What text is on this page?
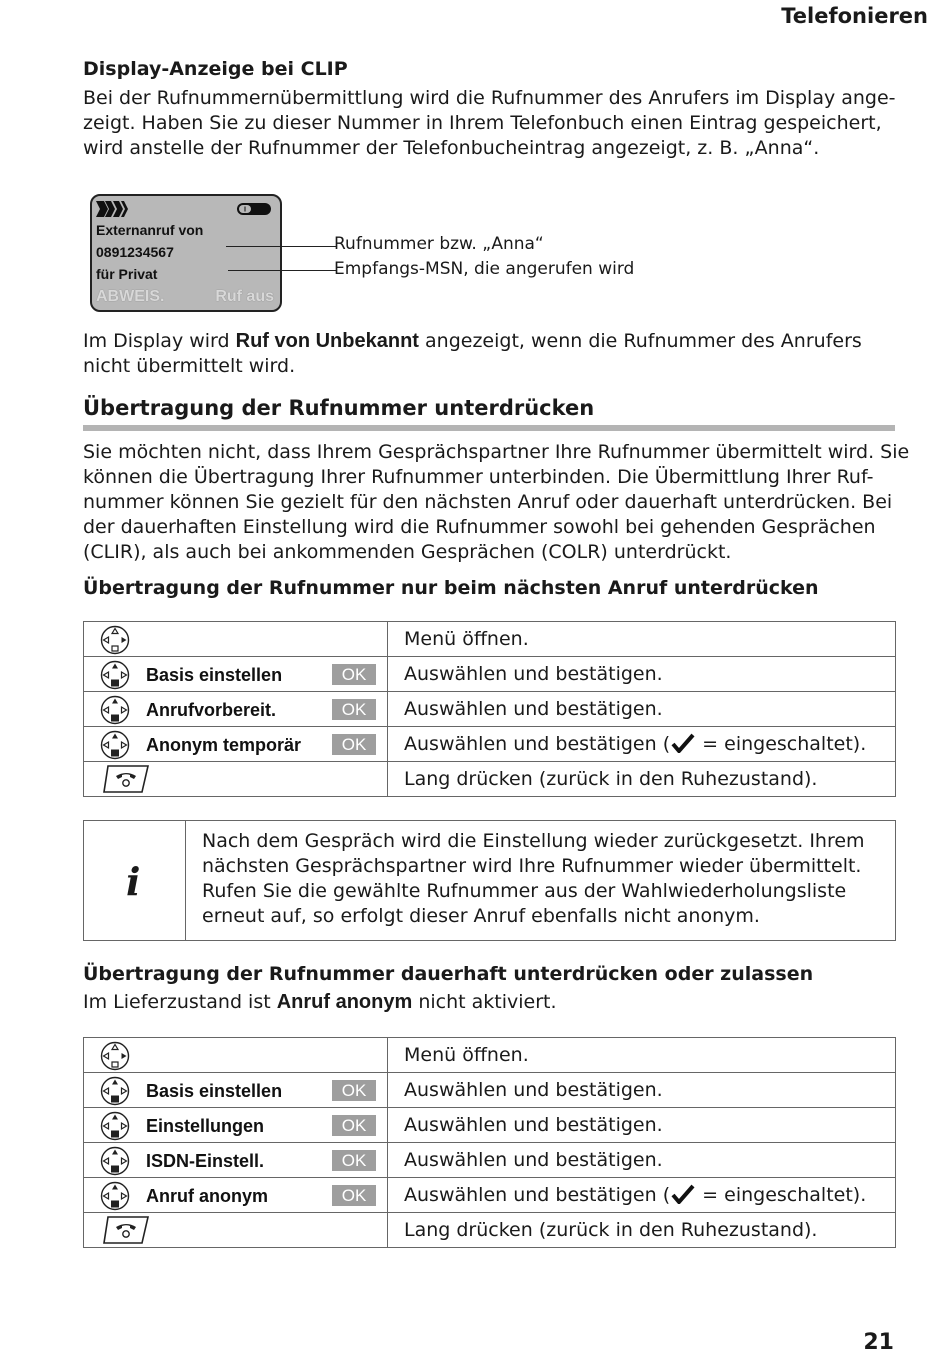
Telefonieren
Display-Anzeige bei CLIP
Bei der Rufnummernübermittlung wird die Rufnummer des Anrufers im Display ange-
zeigt. Haben Sie zu dieser Nummer in Ihrem Telefonbuch einen Eintrag gespeichert,
wird anstelle der Rufnummer der Telefonbucheintrag angezeigt, z. B. „Anna“.
Externanruf von
0891234567
für Privat
ABWEIS.	Ruf aus
Rufnummer bzw. „Anna“
Empfangs-MSN, die angerufen wird
Im Display wird Ruf von Unbekannt angezeigt, wenn die Rufnummer des Anrufers
nicht übermittelt wird.
Übertragung der Rufnummer unterdrücken
Sie möchten nicht, dass Ihrem Gesprächspartner Ihre Rufnummer übermittelt wird. Sie
können die Übertragung Ihrer Rufnummer unterbinden. Die Übermittlung Ihrer Ruf-
nummer können Sie gezielt für den nächsten Anruf oder dauerhaft unterdrücken. Bei
der dauerhaften Einstellung wird die Rufnummer sowohl bei gehenden Gesprächen
(CLIR), als auch bei ankommenden Gesprächen (COLR) unterdrückt.
Übertragung der Rufnummer nur beim nächsten Anruf unterdrücken
	Menü öffnen.

Basis einstellen OK	Auswählen und bestätigen.

Anrufvorbereit. OK	Auswählen und bestätigen.

Anonym temporär OK	Auswählen und bestätigen ( = eingeschaltet).

	Lang drücken (zurück in den Ruhezustand).
i
Nach dem Gespräch wird die Einstellung wieder zurückgesetzt. Ihrem
nächsten Gesprächspartner wird Ihre Rufnummer wieder übermittelt.
Rufen Sie die gewählte Rufnummer aus der Wahlwiederholungsliste
erneut auf, so erfolgt dieser Anruf ebenfalls nicht anonym.
Übertragung der Rufnummer dauerhaft unterdrücken oder zulassen
Im Lieferzustand ist Anruf anonym nicht aktiviert.
	Menü öffnen.

Basis einstellen OK	Auswählen und bestätigen.

Einstellungen OK	Auswählen und bestätigen.

ISDN-Einstell. OK	Auswählen und bestätigen.

Anruf anonym OK	Auswählen und bestätigen ( = eingeschaltet).

	Lang drücken (zurück in den Ruhezustand).
21
